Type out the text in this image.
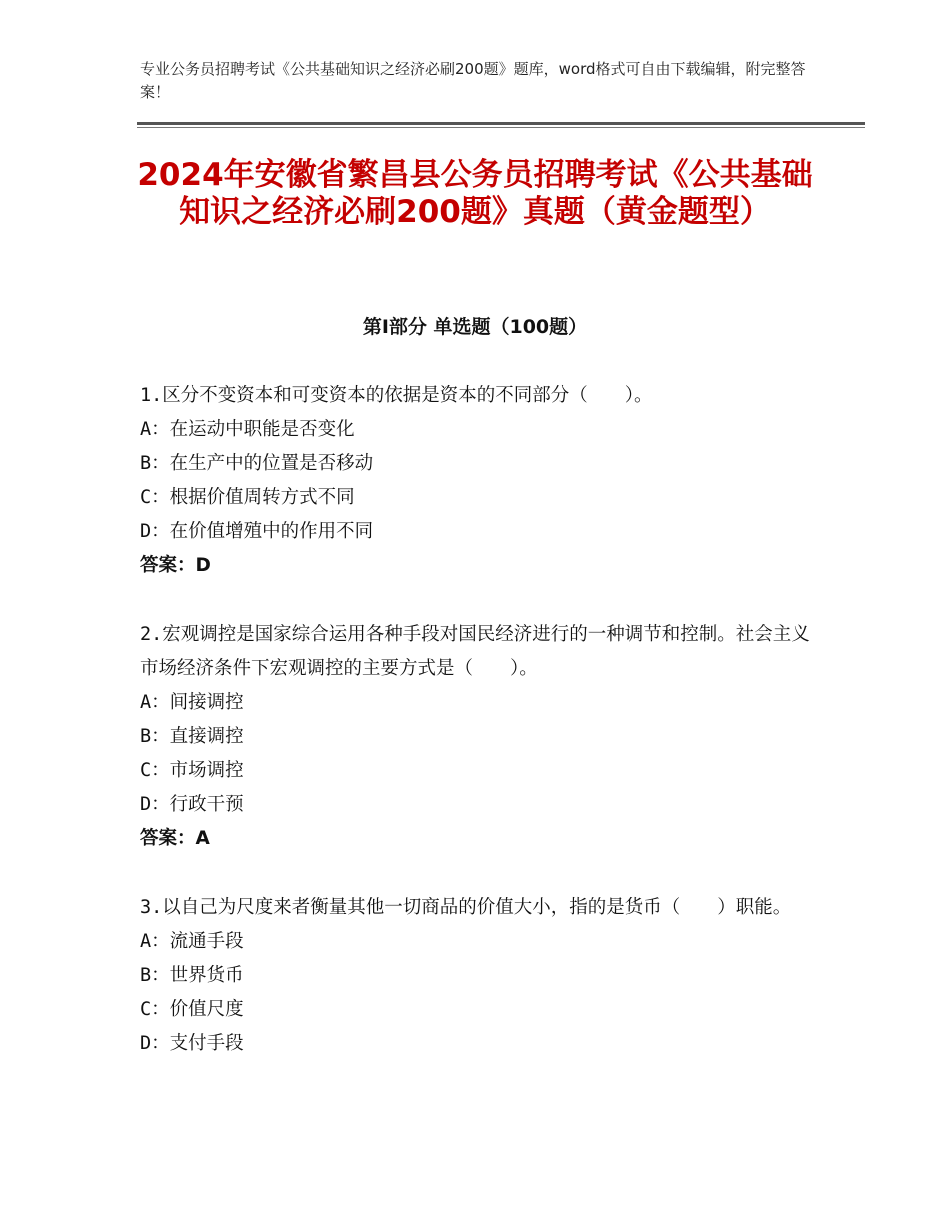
专业公务员招聘考试《公共基础知识之经济必刷200题》题库，word格式可自由下载编辑，附完整答案！
2024年安徽省繁昌县公务员招聘考试《公共基础知识之经济必刷200题》真题（黄金题型）
第Ⅰ部分 单选题（100题）

1.区分不变资本和可变资本的依据是资本的不同部分（　　）。

A：在运动中职能是否变化

B：在生产中的位置是否移动

C：根据价值周转方式不同

D：在价值增殖中的作用不同

答案：D

2.宏观调控是国家综合运用各种手段对国民经济进行的一种调节和控制。社会主义市场经济条件下宏观调控的主要方式是（　　）。

A：间接调控

B：直接调控

C：市场调控

D：行政干预

答案：A

3.以自己为尺度来者衡量其他一切商品的价值大小，指的是货币（　　）职能。

A：流通手段

B：世界货币

C：价值尺度

D：支付手段
